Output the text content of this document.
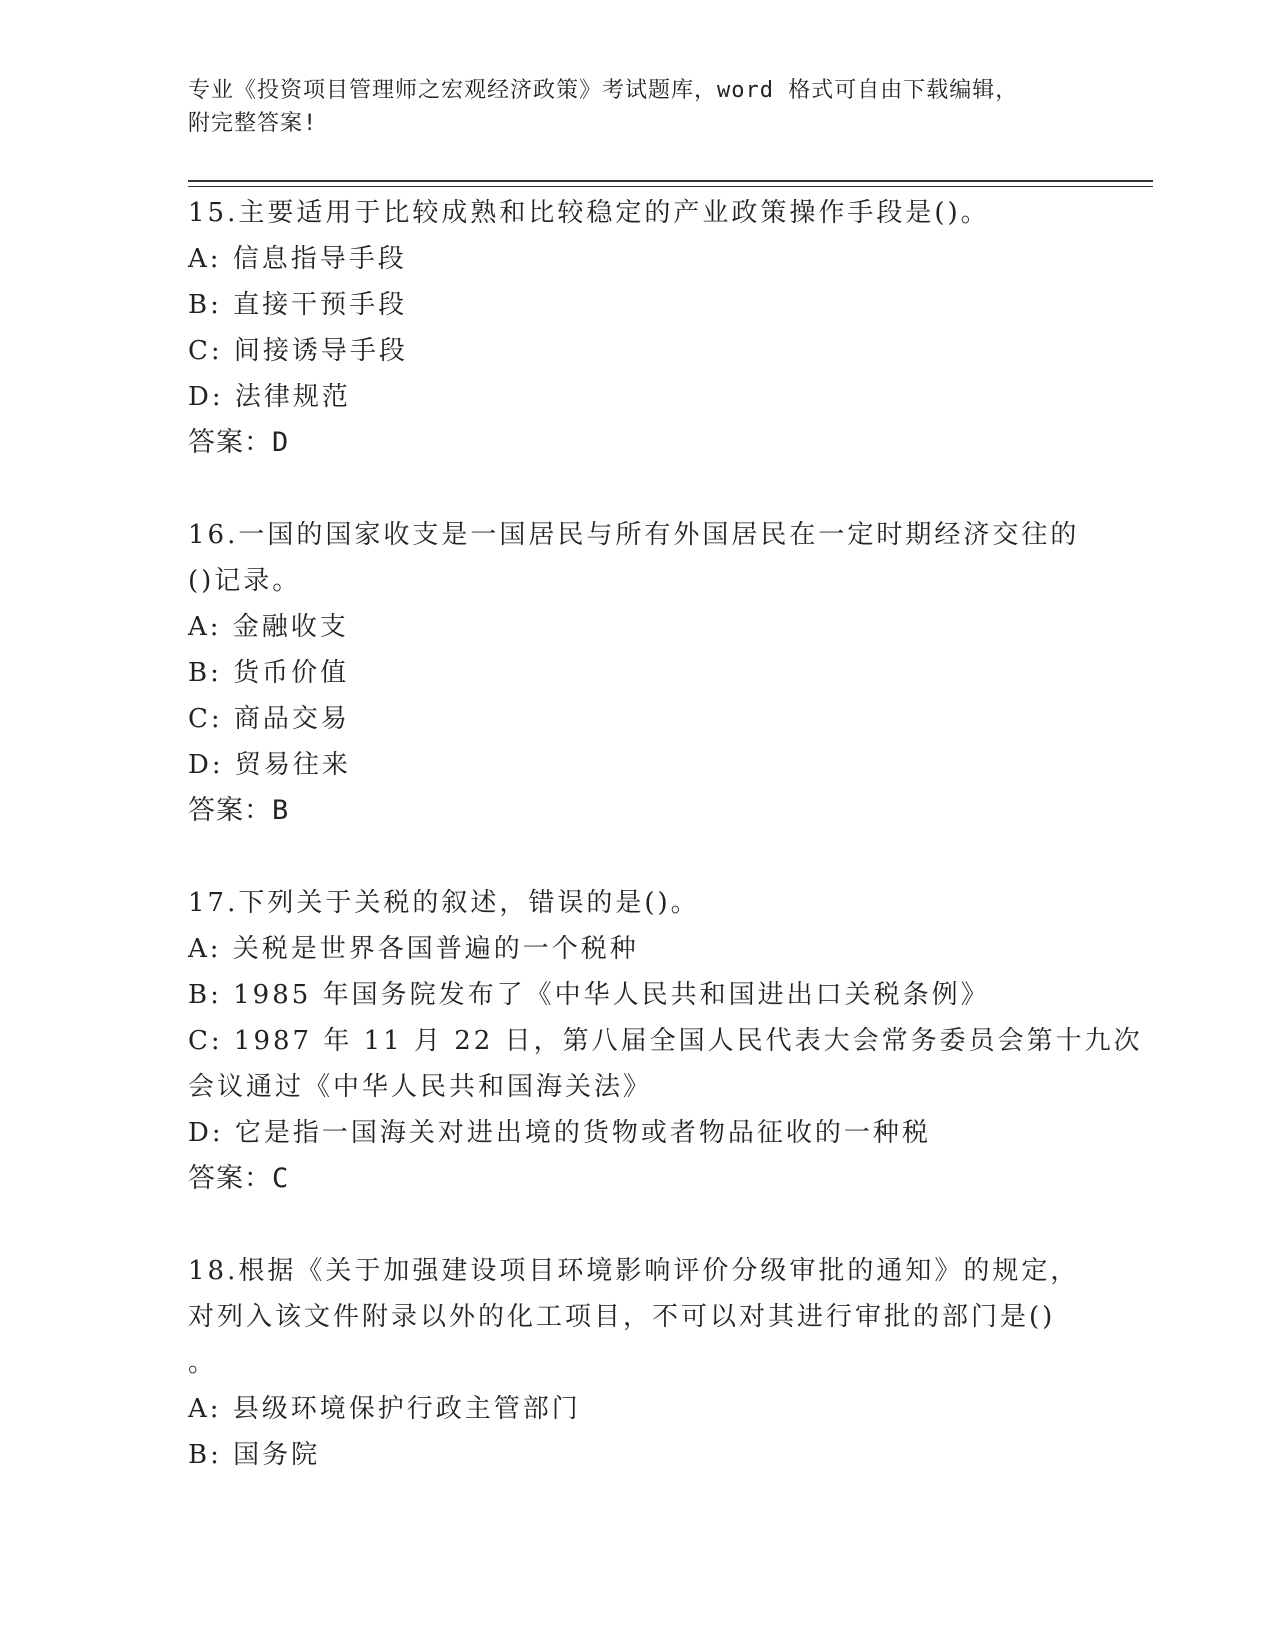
专业《投资项目管理师之宏观经济政策》考试题库，word 格式可自由下载编辑，
附完整答案!
15.主要适用于比较成熟和比较稳定的产业政策操作手段是()。
A: 信息指导手段
B: 直接干预手段
C: 间接诱导手段
D: 法律规范
答案：D
16.一国的国家收支是一国居民与所有外国居民在一定时期经济交往的
()记录。
A: 金融收支
B: 货币价值
C: 商品交易
D: 贸易往来
答案：B
17.下列关于关税的叙述，错误的是()。
A: 关税是世界各国普遍的一个税种
B: 1985 年国务院发布了《中华人民共和国进出口关税条例》
C: 1987 年 11 月 22 日，第八届全国人民代表大会常务委员会第十九次
会议通过《中华人民共和国海关法》
D: 它是指一国海关对进出境的货物或者物品征收的一种税
答案：C
18.根据《关于加强建设项目环境影响评价分级审批的通知》的规定，
对列入该文件附录以外的化工项目，不可以对其进行审批的部门是()
。
A: 县级环境保护行政主管部门
B: 国务院
